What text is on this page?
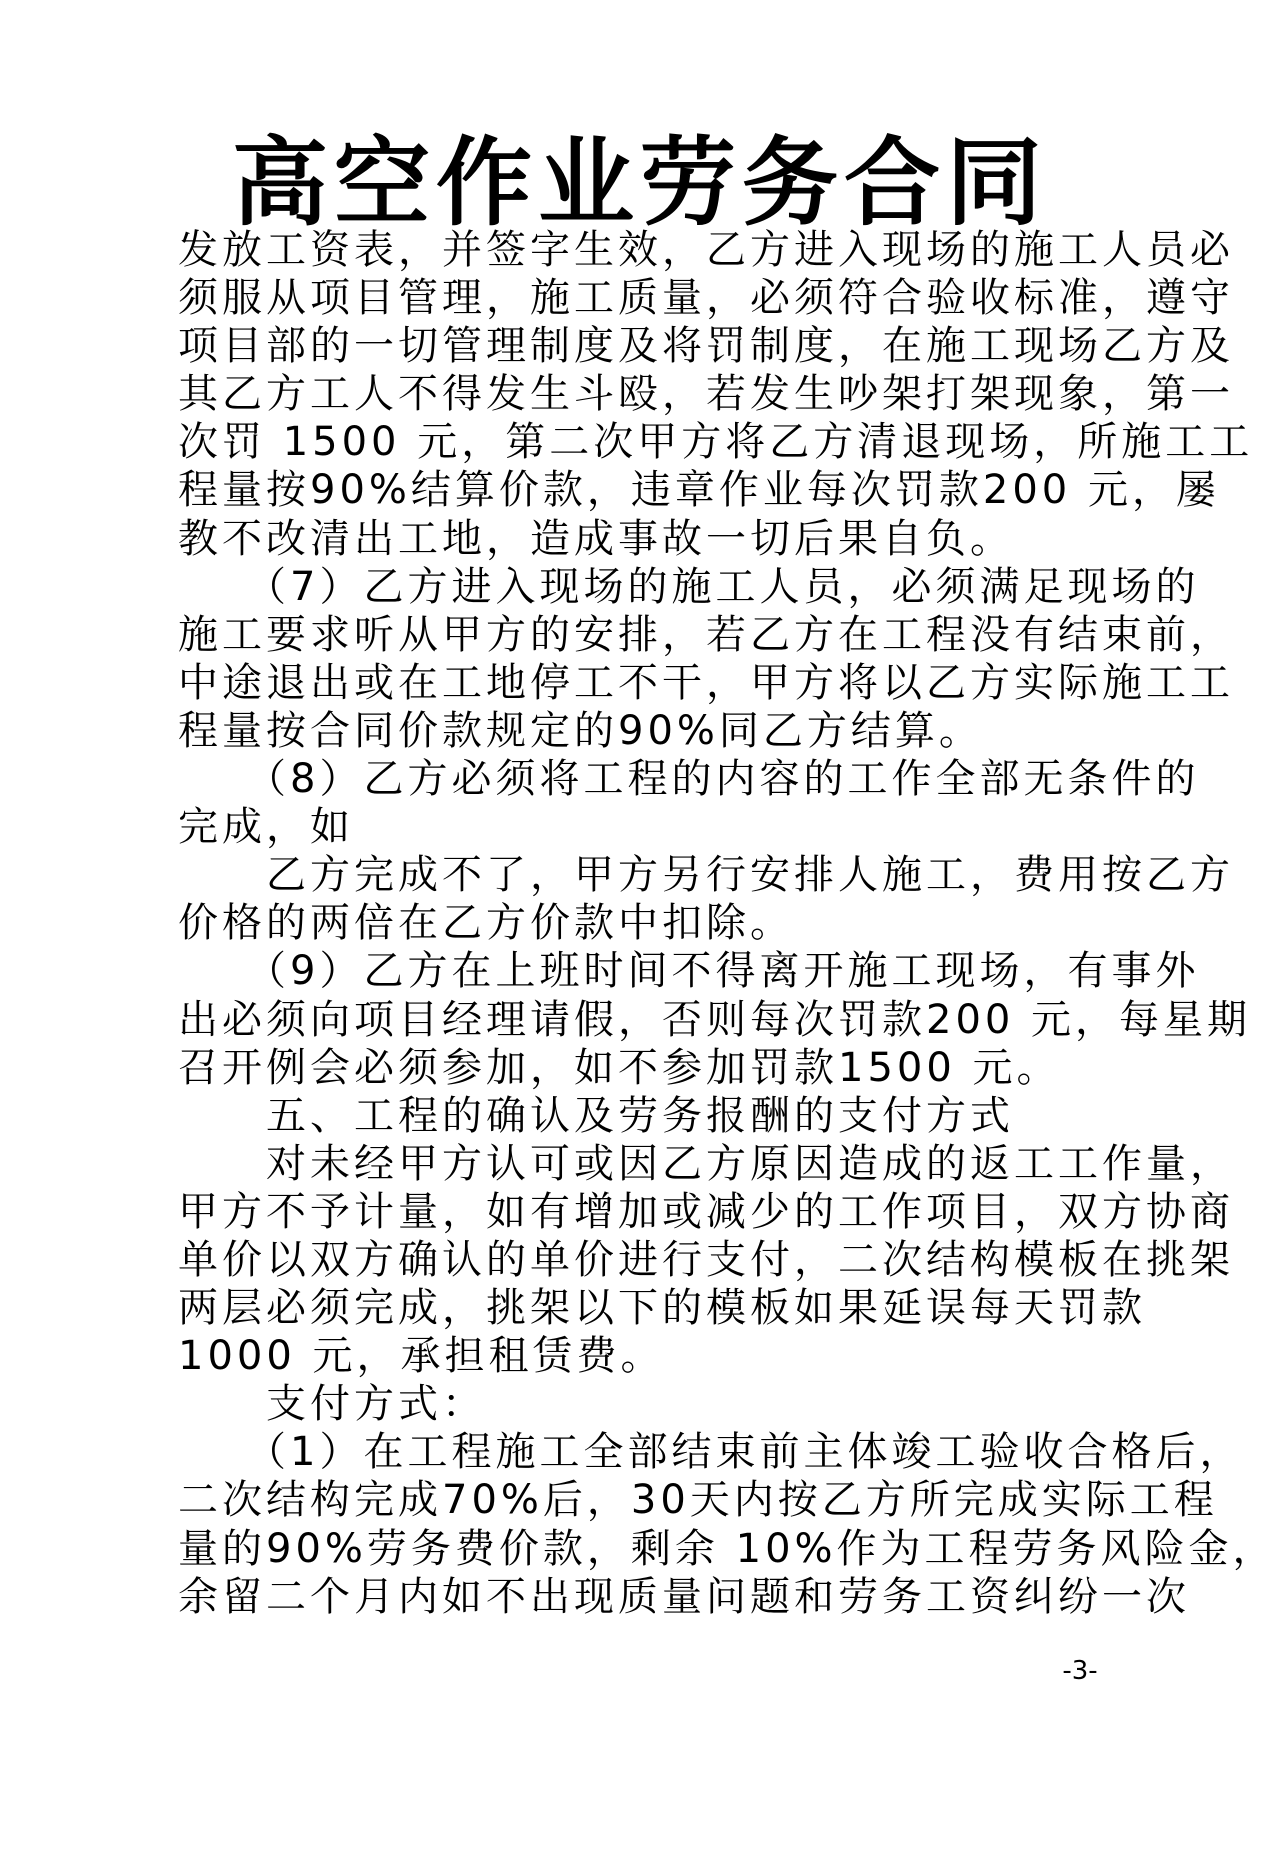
高空作业劳务合同
发放工资表，并签字生效，乙方进入现场的施工人员必
须服从项目管理，施工质量，必须符合验收标准，遵守
项目部的一切管理制度及将罚制度，在施工现场乙方及
其乙方工人不得发生斗殴，若发生吵架打架现象，第一
次罚 1500 元，第二次甲方将乙方清退现场，所施工工
程量按90%结算价款，违章作业每次罚款200 元，屡
教不改清出工地，造成事故一切后果自负。
　　（7）乙方进入现场的施工人员，必须满足现场的
施工要求听从甲方的安排，若乙方在工程没有结束前，
中途退出或在工地停工不干，甲方将以乙方实际施工工
程量按合同价款规定的90%同乙方结算。
　　（8）乙方必须将工程的内容的工作全部无条件的
完成，如
　　乙方完成不了，甲方另行安排人施工，费用按乙方
价格的两倍在乙方价款中扣除。
　　（9）乙方在上班时间不得离开施工现场，有事外
出必须向项目经理请假，否则每次罚款200 元，每星期
召开例会必须参加，如不参加罚款1500 元。
　　五、工程的确认及劳务报酬的支付方式
　　对未经甲方认可或因乙方原因造成的返工工作量，
甲方不予计量，如有增加或减少的工作项目，双方协商
单价以双方确认的单价进行支付，二次结构模板在挑架
两层必须完成，挑架以下的模板如果延误每天罚款
1000 元，承担租赁费。
　　支付方式：
　　（1）在工程施工全部结束前主体竣工验收合格后，
二次结构完成70%后，30天内按乙方所完成实际工程
量的90%劳务费价款，剩余 10%作为工程劳务风险金，
余留二个月内如不出现质量问题和劳务工资纠纷一次
-3-
